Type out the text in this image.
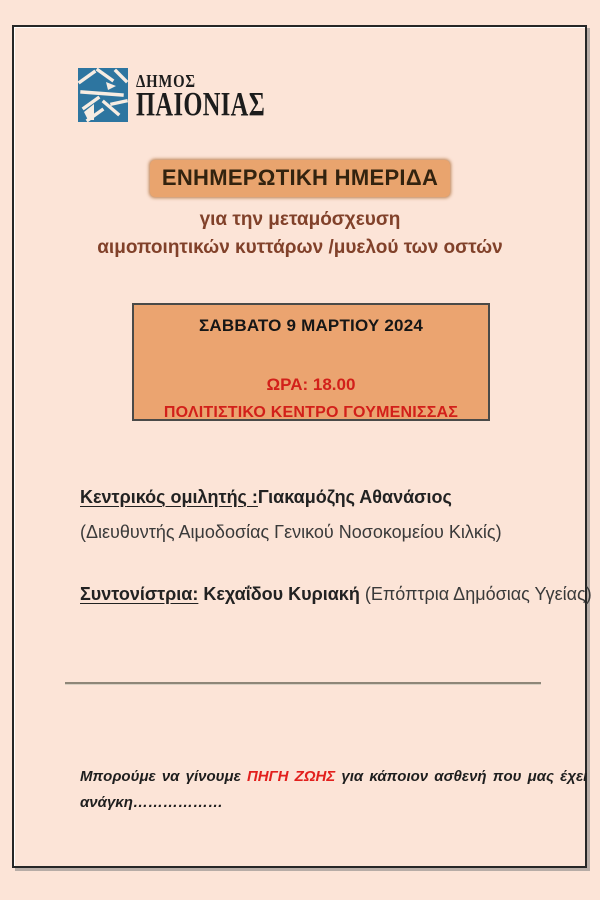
ΔΗΜΟΣ
ΠΑΙΟΝΙΑΣ
ΕΝΗΜΕΡΩΤΙΚΗ ΗΜΕΡΙΔΑ
για την μεταμόσχευση
αιμοποιητικών κυττάρων /μυελού των οστών
ΣΑΒΒΑΤΟ 9 ΜΑΡΤΙΟΥ 2024
ΩΡΑ: 18.00
ΠΟΛΙΤΙΣΤΙΚΟ ΚΕΝΤΡΟ ΓΟΥΜΕΝΙΣΣΑΣ
Κεντρικός ομιλητής :Γιακαμόζης Αθανάσιος
(Διευθυντής Αιμοδοσίας Γενικού Νοσοκομείου Κιλκίς)
Συντονίστρια: Κεχαΐδου Κυριακή (Επόπτρια Δημόσιας Υγείας)
Μπορούμε να γίνουμε ΠΗΓΗ ΖΩΗΣ για κάποιον ασθενή που μας έχει
ανάγκη………………
